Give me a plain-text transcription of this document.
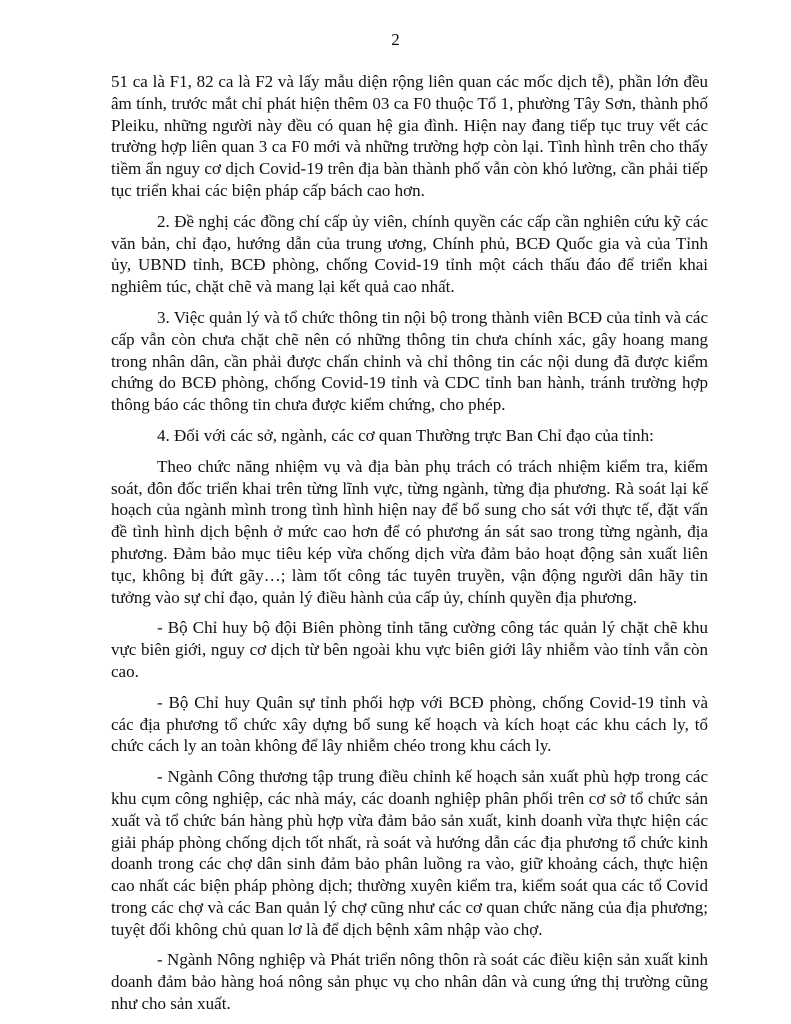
2

51 ca là F1, 82 ca là F2 và lấy mẫu diện rộng liên quan các mốc dịch tễ), phần lớn đều âm tính, trước mắt chỉ phát hiện thêm 03 ca F0 thuộc Tổ 1, phường Tây Sơn, thành phố Pleiku, những người này đều có quan hệ gia đình. Hiện nay đang tiếp tục truy vết các trường hợp liên quan 3 ca F0 mới và những trường hợp còn lại. Tình hình trên cho thấy tiềm ẩn nguy cơ dịch Covid-19 trên địa bàn thành phố vẫn còn khó lường, cần phải tiếp tục triển khai các biện pháp cấp bách cao hơn.

2. Đề nghị các đồng chí cấp ủy viên, chính quyền các cấp cần nghiên cứu kỹ các văn bản, chỉ đạo, hướng dẫn của trung ương, Chính phủ, BCĐ Quốc gia và của Tỉnh ủy, UBND tỉnh, BCĐ phòng, chống Covid-19 tỉnh một cách thấu đáo để triển khai nghiêm túc, chặt chẽ và mang lại kết quả cao nhất.

3. Việc quản lý và tổ chức thông tin nội bộ trong thành viên BCĐ của tỉnh và các cấp vẫn còn chưa chặt chẽ nên có những thông tin chưa chính xác, gây hoang mang trong nhân dân, cần phải được chấn chỉnh và chỉ thông tin các nội dung đã được kiểm chứng do BCĐ phòng, chống Covid-19 tỉnh và CDC tỉnh ban hành, tránh trường hợp thông báo các thông tin chưa được kiểm chứng, cho phép.

4. Đối với các sở, ngành, các cơ quan Thường trực Ban Chỉ đạo của tỉnh:

Theo chức năng nhiệm vụ và địa bàn phụ trách có trách nhiệm kiểm tra, kiểm soát, đôn đốc triển khai trên từng lĩnh vực, từng ngành, từng địa phương. Rà soát lại kế hoạch của ngành mình trong tình hình hiện nay để bổ sung cho sát với thực tế, đặt vấn đề tình hình dịch bệnh ở mức cao hơn để có phương án sát sao trong từng ngành, địa phương. Đảm bảo mục tiêu kép vừa chống dịch vừa đảm bảo hoạt động sản xuất liên tục, không bị đứt gãy…; làm tốt công tác tuyên truyền, vận động người dân hãy tin tưởng vào sự chỉ đạo, quản lý điều hành của cấp ủy, chính quyền địa phương.

- Bộ Chỉ huy bộ đội Biên phòng tỉnh tăng cường công tác quản lý chặt chẽ khu vực biên giới, nguy cơ dịch từ bên ngoài khu vực biên giới lây nhiễm vào tỉnh vẫn còn cao.

- Bộ Chỉ huy Quân sự tỉnh phối hợp với BCĐ phòng, chống Covid-19 tỉnh và các địa phương tổ chức xây dựng bổ sung kế hoạch và kích hoạt các khu cách ly, tổ chức cách ly an toàn không để lây nhiễm chéo trong khu cách ly.

- Ngành Công thương tập trung điều chỉnh kế hoạch sản xuất phù hợp trong các khu cụm công nghiệp, các nhà máy, các doanh nghiệp phân phối trên cơ sở tổ chức sản xuất và tổ chức bán hàng phù hợp vừa đảm bảo sản xuất, kinh doanh vừa thực hiện các giải pháp phòng chống dịch tốt nhất, rà soát và hướng dẫn các địa phương tổ chức kinh doanh trong các chợ dân sinh đảm bảo phân luồng ra vào, giữ khoảng cách, thực hiện cao nhất các biện pháp phòng dịch; thường xuyên kiểm tra, kiểm soát qua các tổ Covid trong các chợ và các Ban quản lý chợ cũng như các cơ quan chức năng của địa phương; tuyệt đối không chủ quan lơ là để dịch bệnh xâm nhập vào chợ.

- Ngành Nông nghiệp và Phát triển nông thôn rà soát các điều kiện sản xuất kinh doanh đảm bảo hàng hoá nông sản phục vụ cho nhân dân và cung ứng thị trường cũng như cho sản xuất.
